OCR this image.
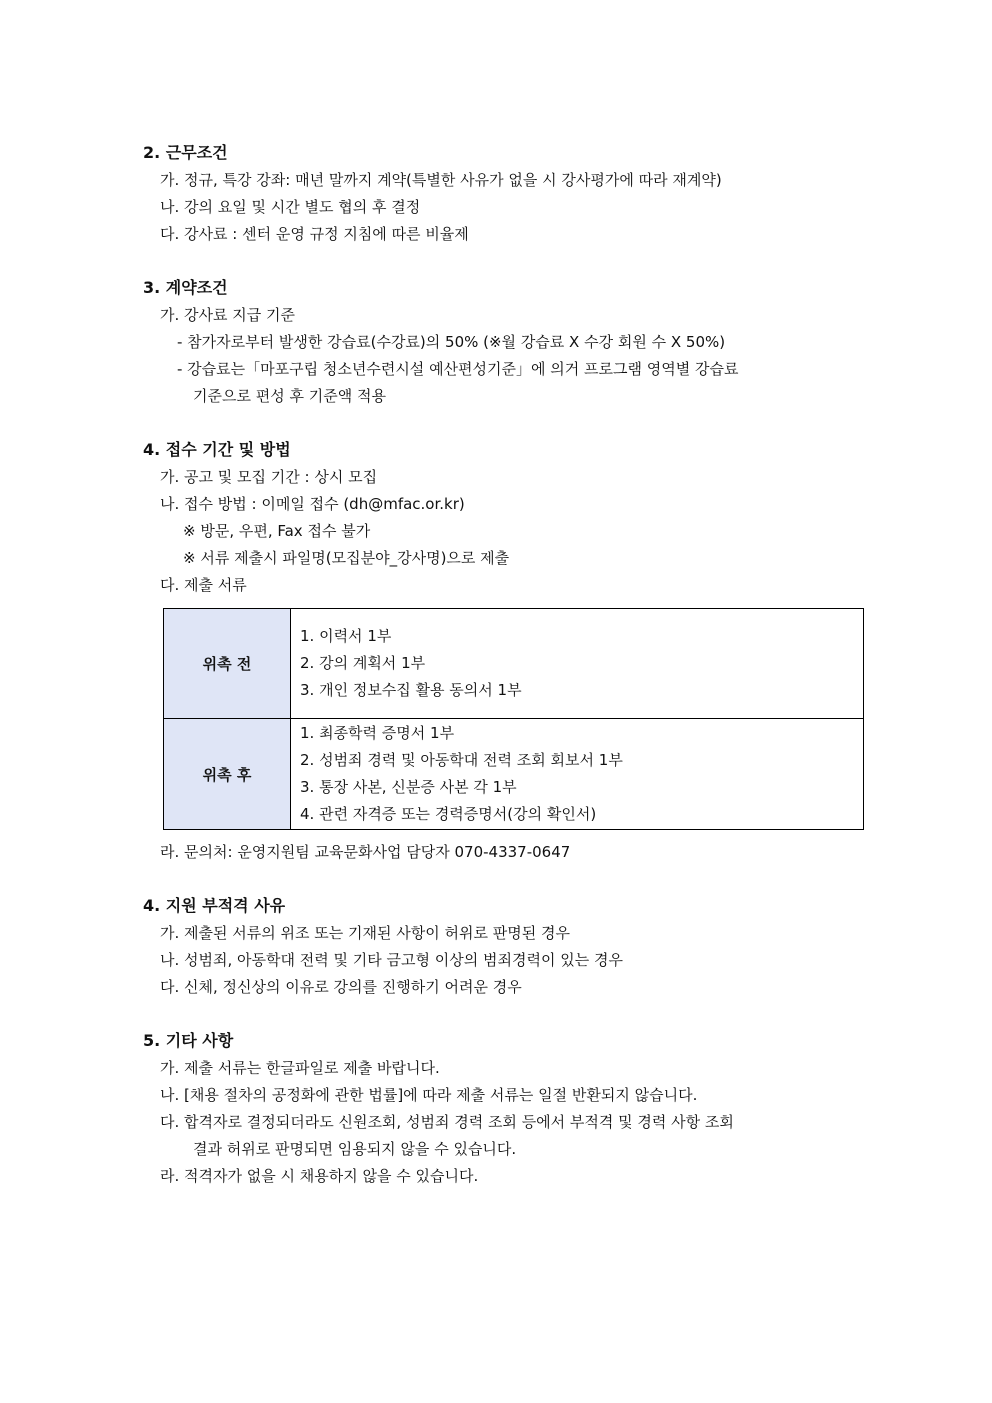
2. 근무조건
가. 정규, 특강 강좌: 매년 말까지 계약(특별한 사유가 없을 시 강사평가에 따라 재계약)
나. 강의 요일 및 시간 별도 협의 후 결정
다. 강사료 : 센터 운영 규정 지침에 따른 비율제
3. 계약조건
가. 강사료 지급 기준
- 참가자로부터 발생한 강습료(수강료)의 50% (※월 강습료 X 수강 회원 수 X 50%)
- 강습료는「마포구립 청소년수련시설 예산편성기준」에 의거 프로그램 영역별 강습료
기준으로 편성 후 기준액 적용
4. 접수 기간 및 방법
가. 공고 및 모집 기간 : 상시 모집
나. 접수 방법 : 이메일 접수 (dh@mfac.or.kr)
※ 방문, 우편, Fax 접수 불가
※ 서류 제출시 파일명(모집분야_강사명)으로 제출
다. 제출 서류
위촉 전	1. 이력서 1부
2. 강의 계획서 1부
3. 개인 정보수집 활용 동의서 1부

위촉 후	1. 최종학력 증명서 1부
2. 성범죄 경력 및 아동학대 전력 조회 회보서 1부
3. 통장 사본, 신분증 사본 각 1부
4. 관련 자격증 또는 경력증명서(강의 확인서)
라. 문의처: 운영지원팀 교육문화사업 담당자 070-4337-0647
4. 지원 부적격 사유
가. 제출된 서류의 위조 또는 기재된 사항이 허위로 판명된 경우
나. 성범죄, 아동학대 전력 및 기타 금고형 이상의 범죄경력이 있는 경우
다. 신체, 정신상의 이유로 강의를 진행하기 어려운 경우
5. 기타 사항
가. 제출 서류는 한글파일로 제출 바랍니다.
나. [채용 절차의 공정화에 관한 법률]에 따라 제출 서류는 일절 반환되지 않습니다.
다. 합격자로 결정되더라도 신원조회, 성범죄 경력 조회 등에서 부적격 및 경력 사항 조회
결과 허위로 판명되면 임용되지 않을 수 있습니다.
라. 적격자가 없을 시 채용하지 않을 수 있습니다.
